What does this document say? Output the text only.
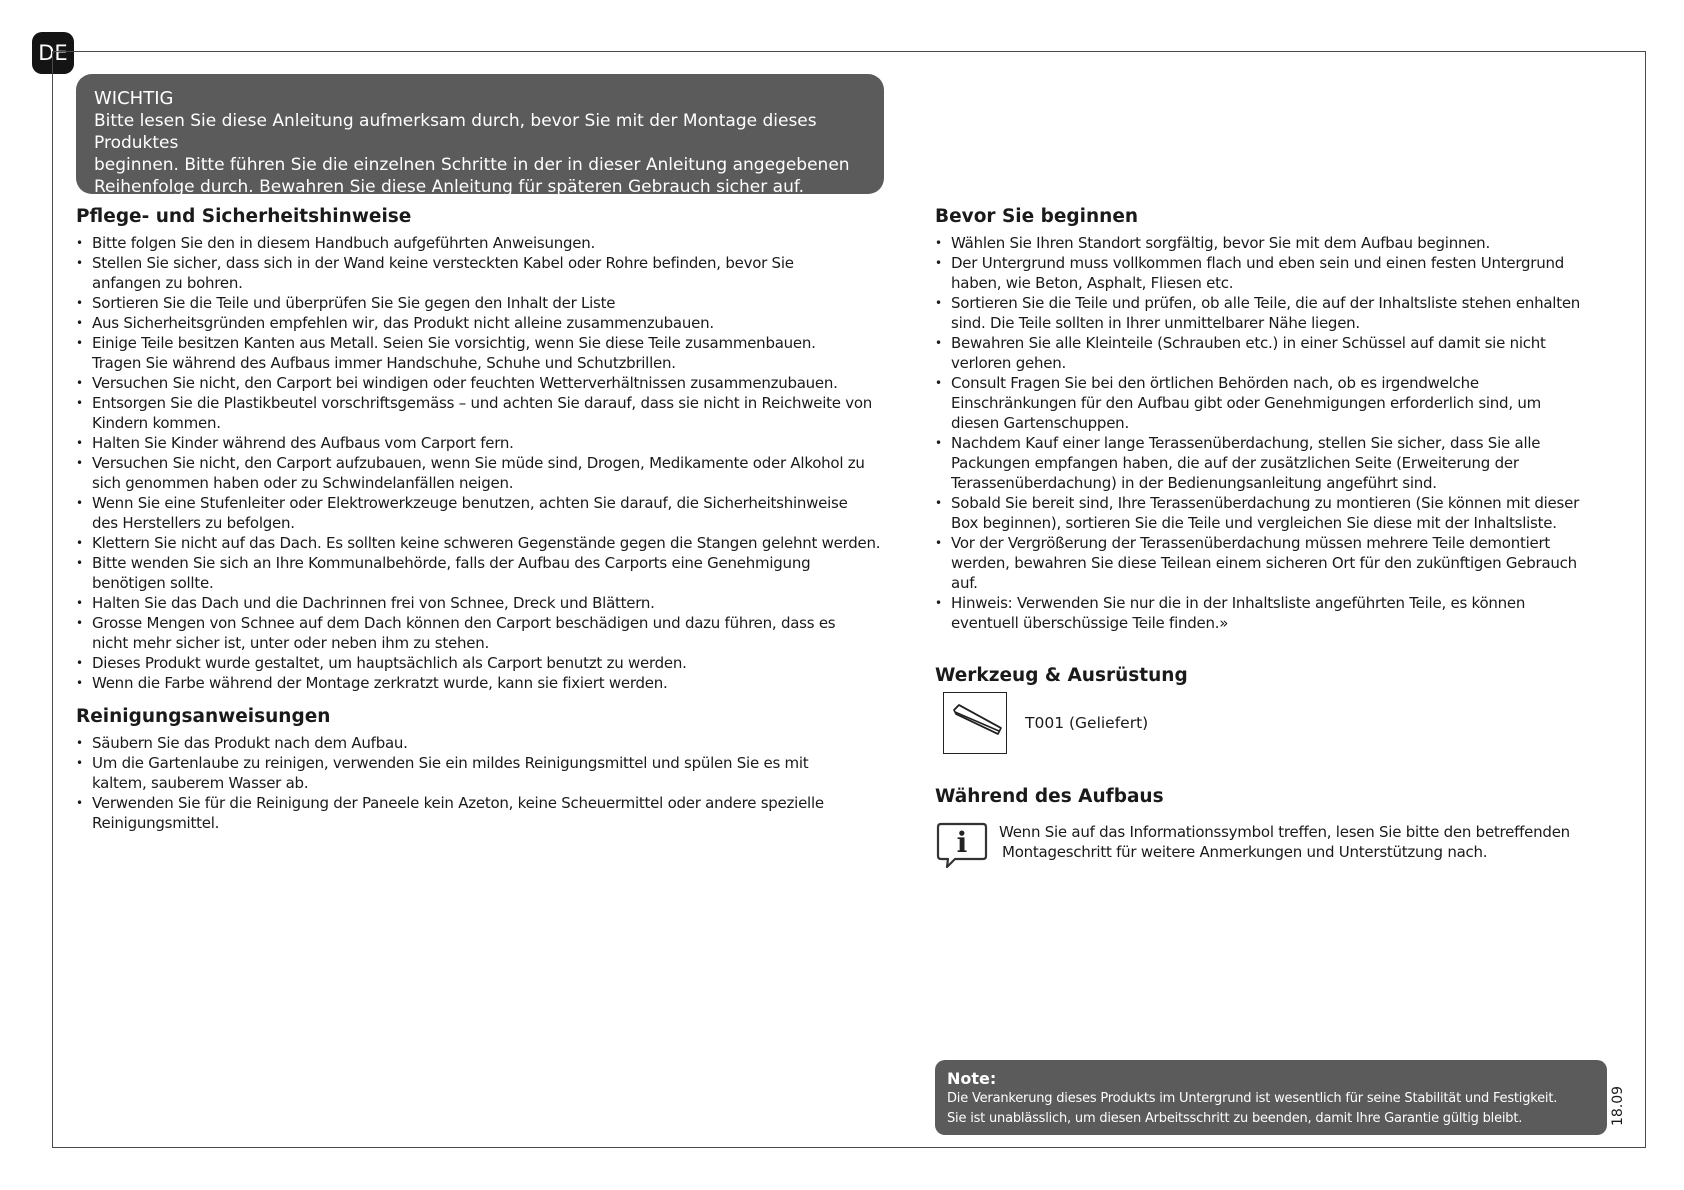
DE
WICHTIG
Bitte lesen Sie diese Anleitung aufmerksam durch, bevor Sie mit der Montage dieses Produktes
beginnen. Bitte führen Sie die einzelnen Schritte in der in dieser Anleitung angegebenen
Reihenfolge durch. Bewahren Sie diese Anleitung für späteren Gebrauch sicher auf.
Pflege- und Sicherheitshinweise
• Bitte folgen Sie den in diesem Handbuch aufgeführten Anweisungen.
• Stellen Sie sicher, dass sich in der Wand keine versteckten Kabel oder Rohre befinden, bevor Sie
anfangen zu bohren.
• Sortieren Sie die Teile und überprüfen Sie Sie gegen den Inhalt der Liste
• Aus Sicherheitsgründen empfehlen wir, das Produkt nicht alleine zusammenzubauen.
• Einige Teile besitzen Kanten aus Metall. Seien Sie vorsichtig, wenn Sie diese Teile zusammenbauen.
Tragen Sie während des Aufbaus immer Handschuhe, Schuhe und Schutzbrillen.
• Versuchen Sie nicht, den Carport bei windigen oder feuchten Wetterverhältnissen zusammenzubauen.
• Entsorgen Sie die Plastikbeutel vorschriftsgemäss – und achten Sie darauf, dass sie nicht in Reichweite von
Kindern kommen.
• Halten Sie Kinder während des Aufbaus vom Carport fern.
• Versuchen Sie nicht, den Carport aufzubauen, wenn Sie müde sind, Drogen, Medikamente oder Alkohol zu
sich genommen haben oder zu Schwindelanfällen neigen.
• Wenn Sie eine Stufenleiter oder Elektrowerkzeuge benutzen, achten Sie darauf, die Sicherheitshinweise
des Herstellers zu befolgen.
• Klettern Sie nicht auf das Dach. Es sollten keine schweren Gegenstände gegen die Stangen gelehnt werden.
• Bitte wenden Sie sich an Ihre Kommunalbehörde, falls der Aufbau des Carports eine Genehmigung
benötigen sollte.
• Halten Sie das Dach und die Dachrinnen frei von Schnee, Dreck und Blättern.
• Grosse Mengen von Schnee auf dem Dach können den Carport beschädigen und dazu führen, dass es
nicht mehr sicher ist, unter oder neben ihm zu stehen.
• Dieses Produkt wurde gestaltet, um hauptsächlich als Carport benutzt zu werden.
• Wenn die Farbe während der Montage zerkratzt wurde, kann sie fixiert werden.
Reinigungsanweisungen
• Säubern Sie das Produkt nach dem Aufbau.
• Um die Gartenlaube zu reinigen, verwenden Sie ein mildes Reinigungsmittel und spülen Sie es mit
kaltem, sauberem Wasser ab.
• Verwenden Sie für die Reinigung der Paneele kein Azeton, keine Scheuermittel oder andere spezielle
Reinigungsmittel.
Bevor Sie beginnen
• Wählen Sie Ihren Standort sorgfältig, bevor Sie mit dem Aufbau beginnen.
• Der Untergrund muss vollkommen flach und eben sein und einen festen Untergrund
haben, wie Beton, Asphalt, Fliesen etc.
• Sortieren Sie die Teile und prüfen, ob alle Teile, die auf der Inhaltsliste stehen enhalten
sind. Die Teile sollten in Ihrer unmittelbarer Nähe liegen.
• Bewahren Sie alle Kleinteile (Schrauben etc.) in einer Schüssel auf damit sie nicht
verloren gehen.
• Consult Fragen Sie bei den örtlichen Behörden nach, ob es irgendwelche
Einschränkungen für den Aufbau gibt oder Genehmigungen erforderlich sind, um
diesen Gartenschuppen.
• Nachdem Kauf einer lange Terassenüberdachung, stellen Sie sicher, dass Sie alle
Packungen empfangen haben, die auf der zusätzlichen Seite (Erweiterung der
Terassenüberdachung) in der Bedienungsanleitung angeführt sind.
• Sobald Sie bereit sind, Ihre Terassenüberdachung zu montieren (Sie können mit dieser
Box beginnen), sortieren Sie die Teile und vergleichen Sie diese mit der Inhaltsliste.
• Vor der Vergrößerung der Terassenüberdachung müssen mehrere Teile demontiert
werden, bewahren Sie diese Teilean einem sicheren Ort für den zukünftigen Gebrauch
auf.
• Hinweis: Verwenden Sie nur die in der Inhaltsliste angeführten Teile, es können
eventuell überschüssige Teile finden.»
Werkzeug & Ausrüstung
T001 (Geliefert)
Während des Aufbaus
i Wenn Sie auf das Informationssymbol treffen, lesen Sie bitte den betreffenden
Montageschritt für weitere Anmerkungen und Unterstützung nach.
Note:
Die Verankerung dieses Produkts im Untergrund ist wesentlich für seine Stabilität und Festigkeit.
Sie ist unablässlich, um diesen Arbeitsschritt zu beenden, damit Ihre Garantie gültig bleibt.	18.09
